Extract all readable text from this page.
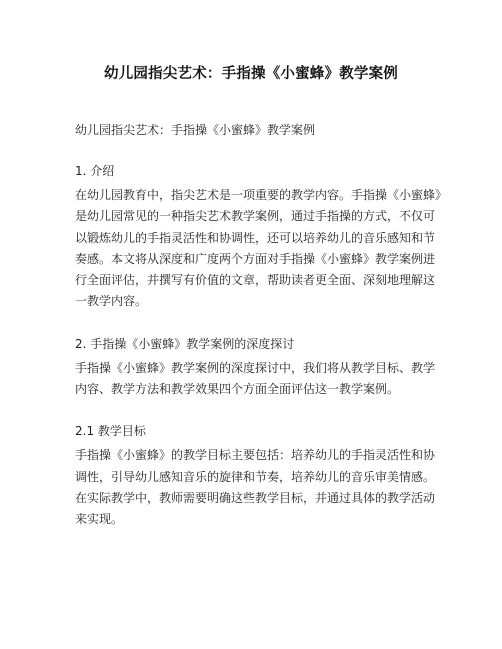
幼儿园指尖艺术：手指操《小蜜蜂》教学案例
幼儿园指尖艺术：手指操《小蜜蜂》教学案例
1. 介绍
在幼儿园教育中，指尖艺术是一项重要的教学内容。手指操《小蜜蜂》
是幼儿园常见的一种指尖艺术教学案例，通过手指操的方式，不仅可
以锻炼幼儿的手指灵活性和协调性，还可以培养幼儿的音乐感知和节
奏感。本文将从深度和广度两个方面对手指操《小蜜蜂》教学案例进
行全面评估，并撰写有价值的文章，帮助读者更全面、深刻地理解这
一教学内容。
2. 手指操《小蜜蜂》教学案例的深度探讨
手指操《小蜜蜂》教学案例的深度探讨中，我们将从教学目标、教学
内容、教学方法和教学效果四个方面全面评估这一教学案例。
2.1 教学目标
手指操《小蜜蜂》的教学目标主要包括：培养幼儿的手指灵活性和协
调性，引导幼儿感知音乐的旋律和节奏，培养幼儿的音乐审美情感。
在实际教学中，教师需要明确这些教学目标，并通过具体的教学活动
来实现。
